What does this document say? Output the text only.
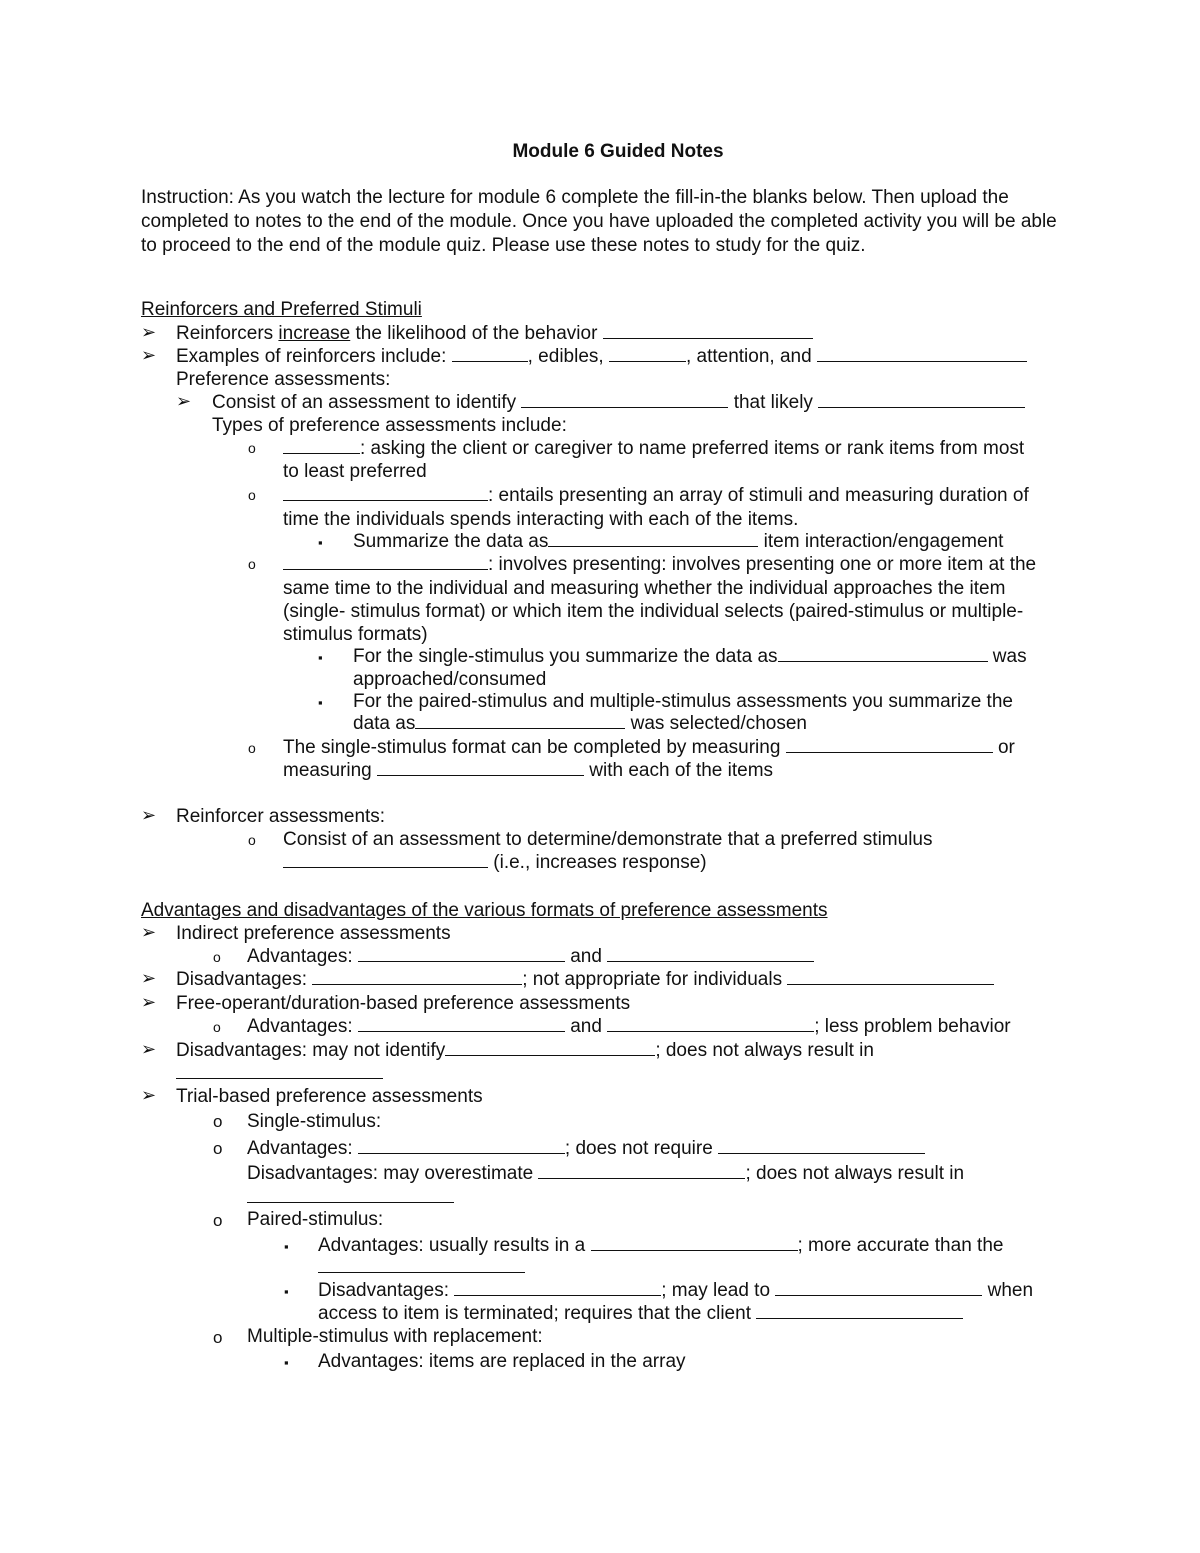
Module 6 Guided Notes
Instruction: As you watch the lecture for module 6 complete the fill-in-the blanks below. Then upload the completed to notes to the end of the module. Once you have uploaded the completed activity you will be able to proceed to the end of the module quiz. Please use these notes to study for the quiz.
Reinforcers and Preferred Stimuli
➢ Reinforcers increase the likelihood of the behavior
➢ Examples of reinforcers include:	, edibles,	, attention, and
Preference assessments:
➢ Consist of an assessment to identify	that likely
Types of preference assessments include:
o	: asking the client or caregiver to name preferred items or rank items from most
to least preferred
o	: entails presenting an array of stimuli and measuring duration of
time the individuals spends interacting with each of the items.
▪ Summarize the data as	item interaction/engagement
o	: involves presenting: involves presenting one or more item at the
same time to the individual and measuring whether the individual approaches the item
(single- stimulus format) or which item the individual selects (paired-stimulus or multiple-
stimulus formats)
▪ For the single-stimulus you summarize the data as	was
approached/consumed
▪ For the paired-stimulus and multiple-stimulus assessments you summarize the
data as	was selected/chosen
o The single-stimulus format can be completed by measuring	or
measuring	with each of the items
➢ Reinforcer assessments:
o Consist of an assessment to determine/demonstrate that a preferred stimulus
(i.e., increases response)
Advantages and disadvantages of the various formats of preference assessments
➢ Indirect preference assessments
o Advantages:	and
➢ Disadvantages:	; not appropriate for individuals
➢ Free-operant/duration-based preference assessments
o Advantages:	and	; less problem behavior
➢ Disadvantages: may not identify	; does not always result in
➢ Trial-based preference assessments
o Single-stimulus:
o Advantages:	; does not require
Disadvantages: may overestimate	; does not always result in
o Paired-stimulus:
▪ Advantages: usually results in a	; more accurate than the
▪ Disadvantages:	; may lead to	when
access to item is terminated; requires that the client
o Multiple-stimulus with replacement:
▪ Advantages: items are replaced in the array
